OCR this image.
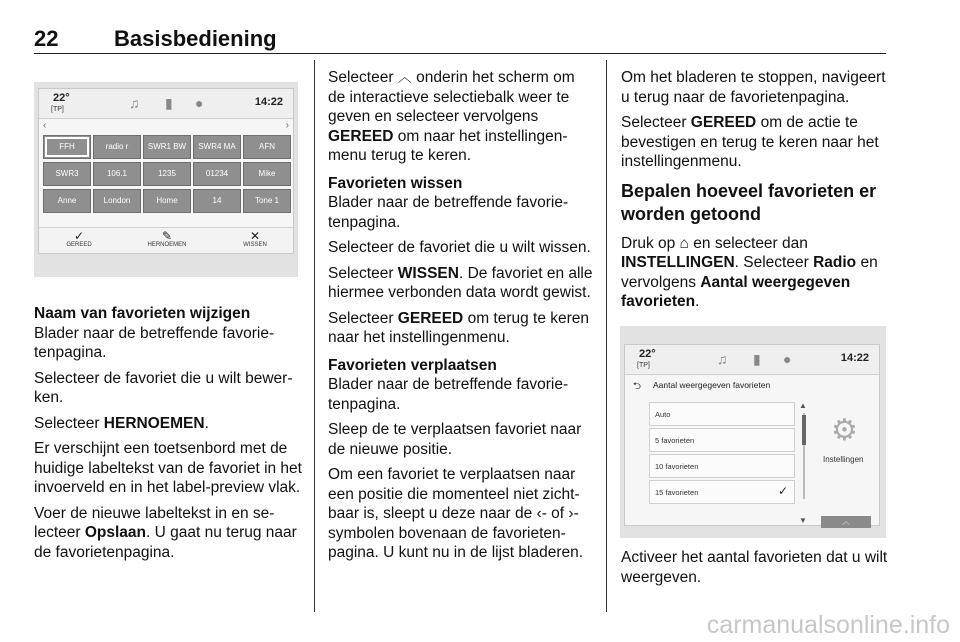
22	Basisbediening
22°
[TP]	♫ ▮ ●	14:22
‹	›
FFH	radio r	SWR1 BW	SWR4 MA	AFN
SWR3	106.1	1235	01234	Mike
Anne	London	Home	14	Tone 1
✓
GEREED
✎
HERNOEMEN
✕
WISSEN
Naam van favorieten wijzigen

Blader naar de betreffende favorietenpagina.

Selecteer de favoriet die u wilt bewerken.

Selecteer HERNOEMEN.

Er verschijnt een toetsenbord met de huidige labeltekst van de favoriet in het invoerveld en in het label-preview vlak.

Voer de nieuwe labeltekst in en selecteer Opslaan. U gaat nu terug naar de favorietenpagina.

Selecteer ︿ onderin het scherm om de interactieve selectiebalk weer te geven en selecteer vervolgens GEREED om naar het instellingenmenu terug te keren.

Favorieten wissen

Blader naar de betreffende favorietenpagina.

Selecteer de favoriet die u wilt wissen.

Selecteer WISSEN. De favoriet en alle hiermee verbonden data wordt gewist.

Selecteer GEREED om terug te keren naar het instellingenmenu.

Favorieten verplaatsen

Blader naar de betreffende favorietenpagina.

Sleep de te verplaatsen favoriet naar de nieuwe positie.

Om een favoriet te verplaatsen naar een positie die momenteel niet zichtbaar is, sleept u deze naar de ‹- of ›-symbolen bovenaan de favorietenpagina. U kunt nu in de lijst bladeren.

Om het bladeren te stoppen, navigeert u terug naar de favorietenpagina.

Selecteer GEREED om de actie te bevestigen en terug te keren naar het instellingenmenu.

Bepalen hoeveel favorieten er worden getoond

Druk op ⌂ en selecteer dan INSTELLINGEN. Selecteer Radio en vervolgens Aantal weergegeven favorieten.

22°
[TP]	♫ ▮ ●	14:22
⮌ Aantal weergegeven favorieten
Auto
5 favorieten
10 favorieten
15 favorieten	✓
▲
▼
⚙
Instellingen
︿

Activeer het aantal favorieten dat u wilt weergeven.

carmanualsonline.info
